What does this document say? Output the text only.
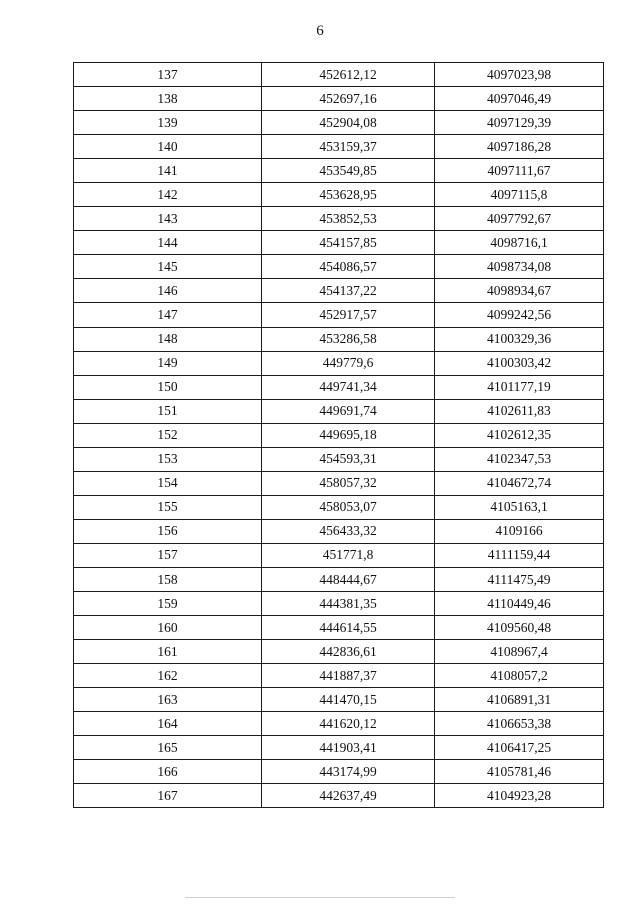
6
137	452612,12	4097023,98
138	452697,16	4097046,49
139	452904,08	4097129,39
140	453159,37	4097186,28
141	453549,85	4097111,67
142	453628,95	4097115,8
143	453852,53	4097792,67
144	454157,85	4098716,1
145	454086,57	4098734,08
146	454137,22	4098934,67
147	452917,57	4099242,56
148	453286,58	4100329,36
149	449779,6	4100303,42
150	449741,34	4101177,19
151	449691,74	4102611,83
152	449695,18	4102612,35
153	454593,31	4102347,53
154	458057,32	4104672,74
155	458053,07	4105163,1
156	456433,32	4109166
157	451771,8	4111159,44
158	448444,67	4111475,49
159	444381,35	4110449,46
160	444614,55	4109560,48
161	442836,61	4108967,4
162	441887,37	4108057,2
163	441470,15	4106891,31
164	441620,12	4106653,38
165	441903,41	4106417,25
166	443174,99	4105781,46
167	442637,49	4104923,28
